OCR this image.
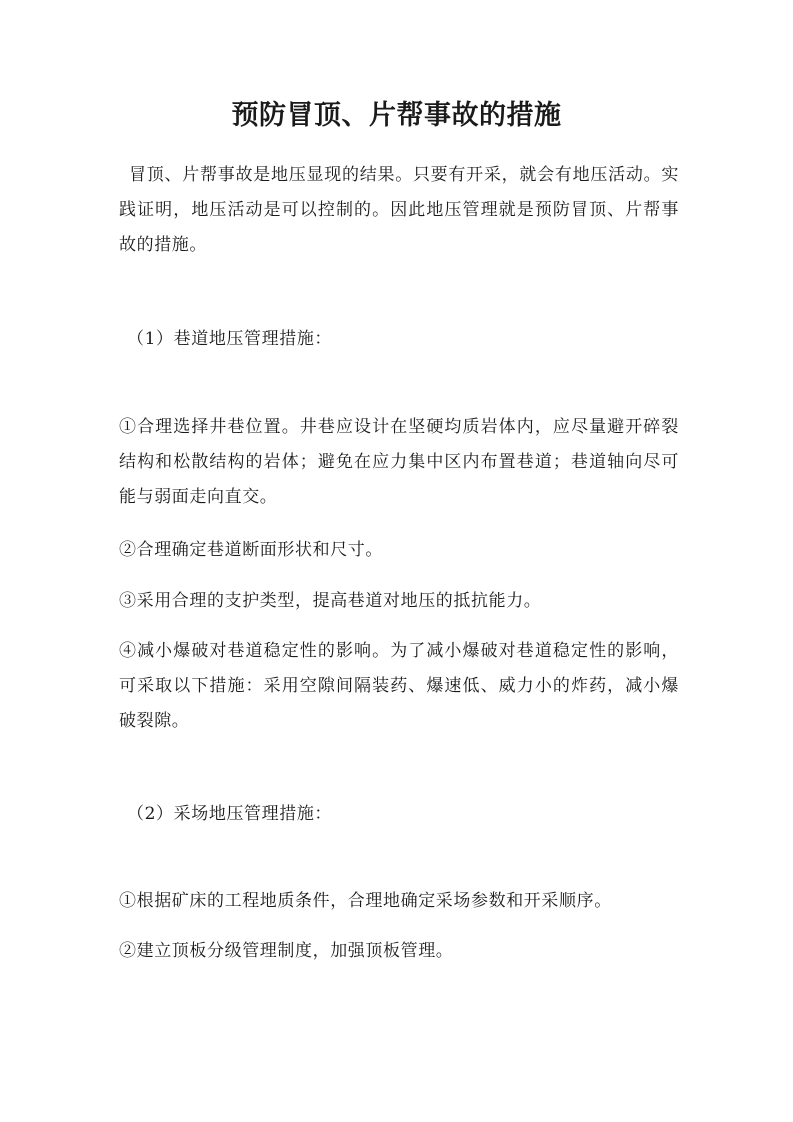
预防冒顶、片帮事故的措施
冒顶、片帮事故是地压显现的结果。只要有开采，就会有地压活动。实践证明，地压活动是可以控制的。因此地压管理就是预防冒顶、片帮事故的措施。
（1）巷道地压管理措施：
①合理选择井巷位置。井巷应设计在坚硬均质岩体内，应尽量避开碎裂结构和松散结构的岩体；避免在应力集中区内布置巷道；巷道轴向尽可能与弱面走向直交。
②合理确定巷道断面形状和尺寸。
③采用合理的支护类型，提高巷道对地压的抵抗能力。
④减小爆破对巷道稳定性的影响。为了减小爆破对巷道稳定性的影响，可采取以下措施：采用空隙间隔装药、爆速低、威力小的炸药，减小爆破裂隙。
（2）采场地压管理措施：
①根据矿床的工程地质条件，合理地确定采场参数和开采顺序。
②建立顶板分级管理制度，加强顶板管理。
